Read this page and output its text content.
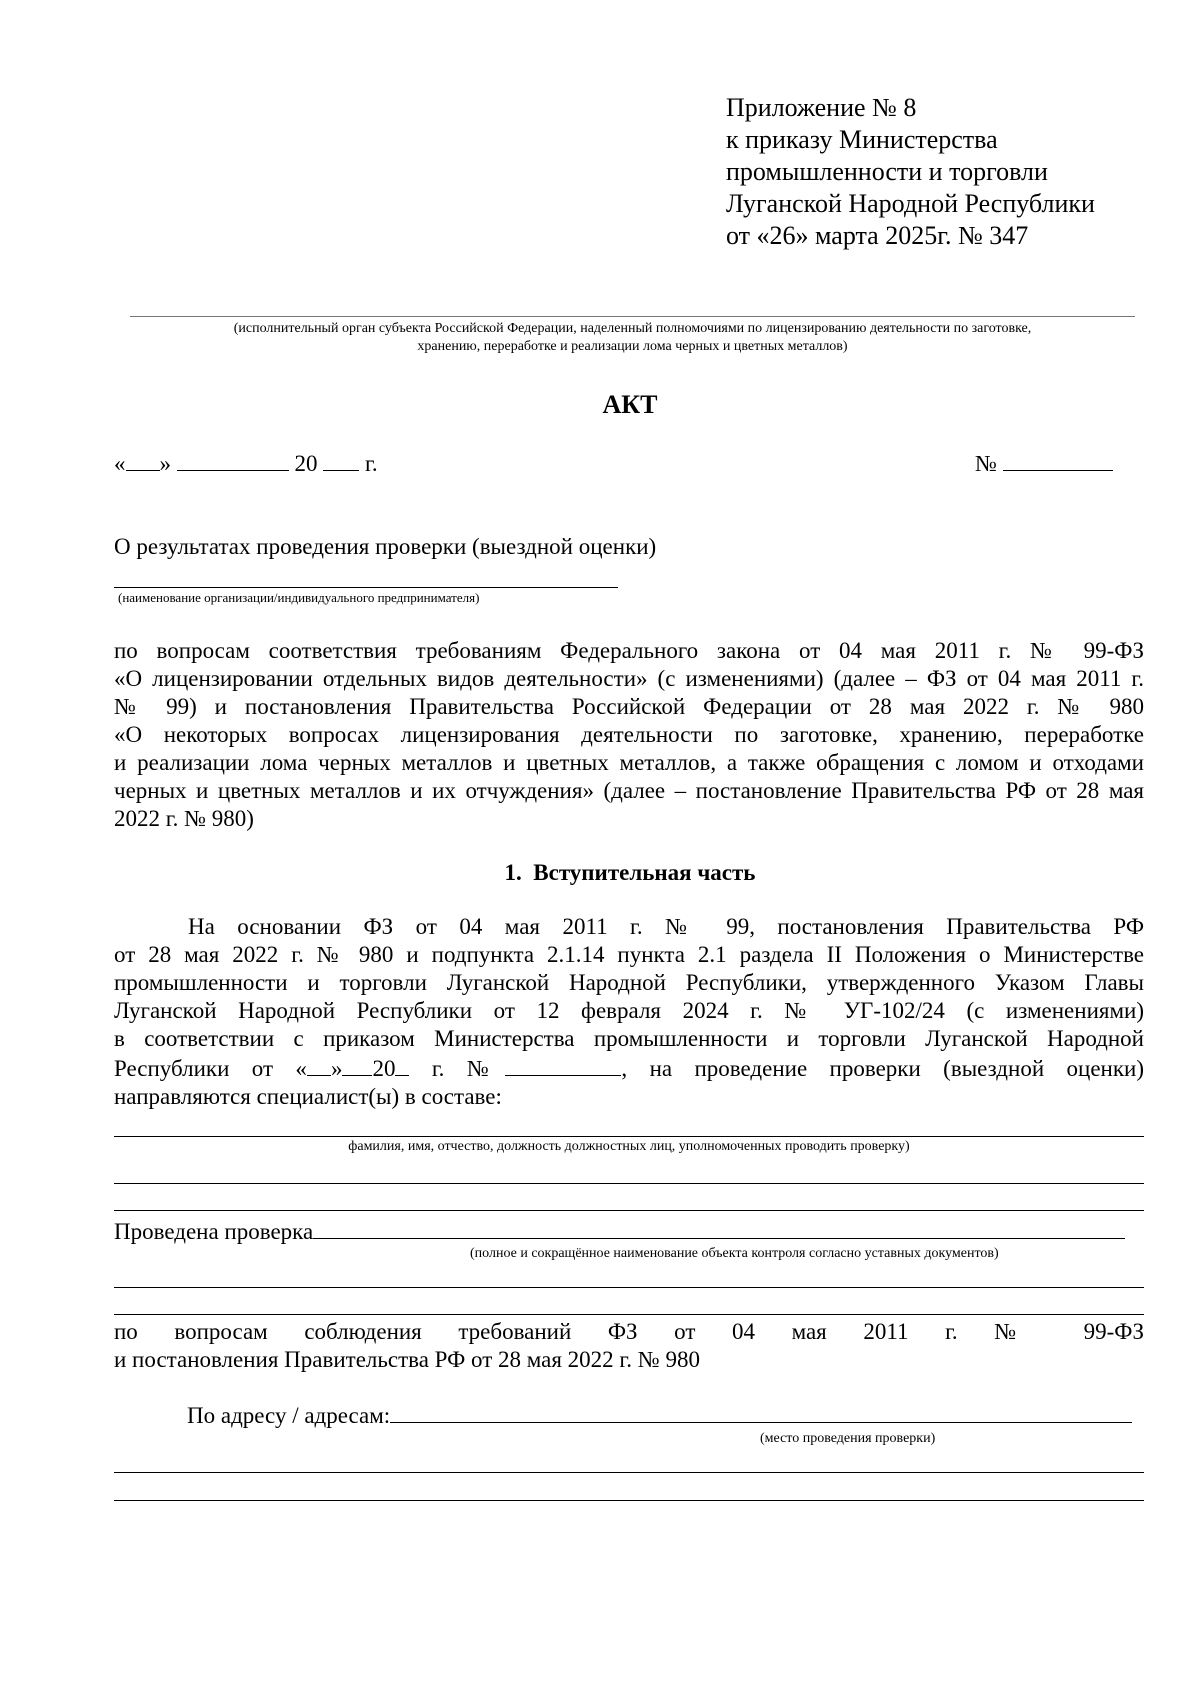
Приложение № 8
к приказу Министерства
промышленности и торговли
Луганской Народной Республики
от «26» марта 2025г. № 347
(исполнительный орган субъекта Российской Федерации, наделенный полномочиями по лицензированию деятельности по заготовке,
хранению, переработке и реализации лома черных и цветных металлов)
АКТ
« »	20 г.	№
О результатах проведения проверки (выездной оценки)
(наименование организации/индивидуального предпринимателя)
по вопросам соответствия требованиям Федерального закона от 04 мая 2011 г. № 99-ФЗ
«О лицензировании отдельных видов деятельности» (с изменениями) (далее – ФЗ от 04 мая 2011 г.
№ 99) и постановления Правительства Российской Федерации от 28 мая 2022 г. № 980
«О некоторых вопросах лицензирования деятельности по заготовке, хранению, переработке
и реализации лома черных металлов и цветных металлов, а также обращения с ломом и отходами
черных и цветных металлов и их отчуждения» (далее – постановление Правительства РФ от 28 мая
2022 г. № 980)
1. Вступительная часть
На основании ФЗ от 04 мая 2011 г. № 99, постановления Правительства РФ
от 28 мая 2022 г. № 980 и подпункта 2.1.14 пункта 2.1 раздела II Положения о Министерстве
промышленности и торговли Луганской Народной Республики, утвержденного Указом Главы
Луганской Народной Республики от 12 февраля 2024 г. № УГ-102/24 (с изменениями)
в соответствии с приказом Министерства промышленности и торговли Луганской Народной
Республики от « » 20 г. №	, на проведение проверки (выездной оценки)
направляются специалист(ы) в составе:
фамилия, имя, отчество, должность должностных лиц, уполномоченных проводить проверку)
Проведена проверка
(полное и сокращённое наименование объекта контроля согласно уставных документов)
по вопросам соблюдения требований ФЗ от 04 мая 2011 г. № 99-ФЗ
и постановления Правительства РФ от 28 мая 2022 г. № 980
По адресу / адресам:
(место проведения проверки)
